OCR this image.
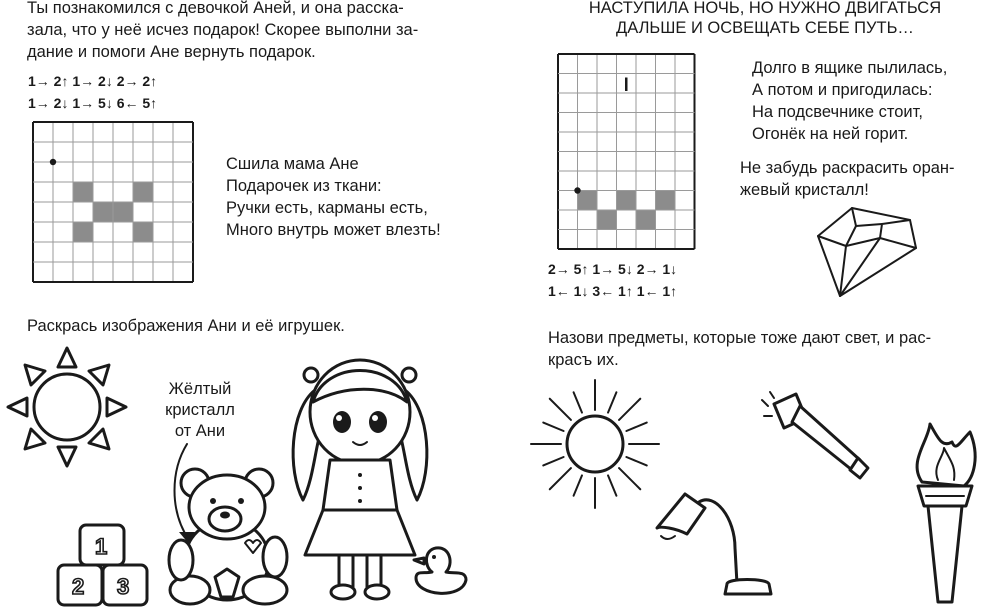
Ты познакомился с девочкой Аней, и она расска-
зала, что у неё исчез подарок! Скорее выполни за-
дание и помоги Ане вернуть подарок.
1→ 2↑ 1→ 2↓ 2→ 2↑
1→ 2↓ 1→ 5↓ 6← 5↑
Сшила мама Ане
Подарочек из ткани:
Ручки есть, карманы есть,
Много внутрь может влезть!
Раскрась изображения Ани и её игрушек.
Жёлтый
кристалл
от Ани
1
2 3
НАСТУПИЛА НОЧЬ, НО НУЖНО ДВИГАТЬСЯ
ДАЛЬШЕ И ОСВЕЩАТЬ СЕБЕ ПУТЬ…
Долго в ящике пылилась,
А потом и пригодилась:
На подсвечнике стоит,
Огонёк на ней горит.
Не забудь раскрасить оран-
жевый кристалл!
2→ 5↑ 1→ 5↓ 2→ 1↓
1← 1↓ 3← 1↑ 1← 1↑
Назови предметы, которые тоже дают свет, и рас-
красъ их.
